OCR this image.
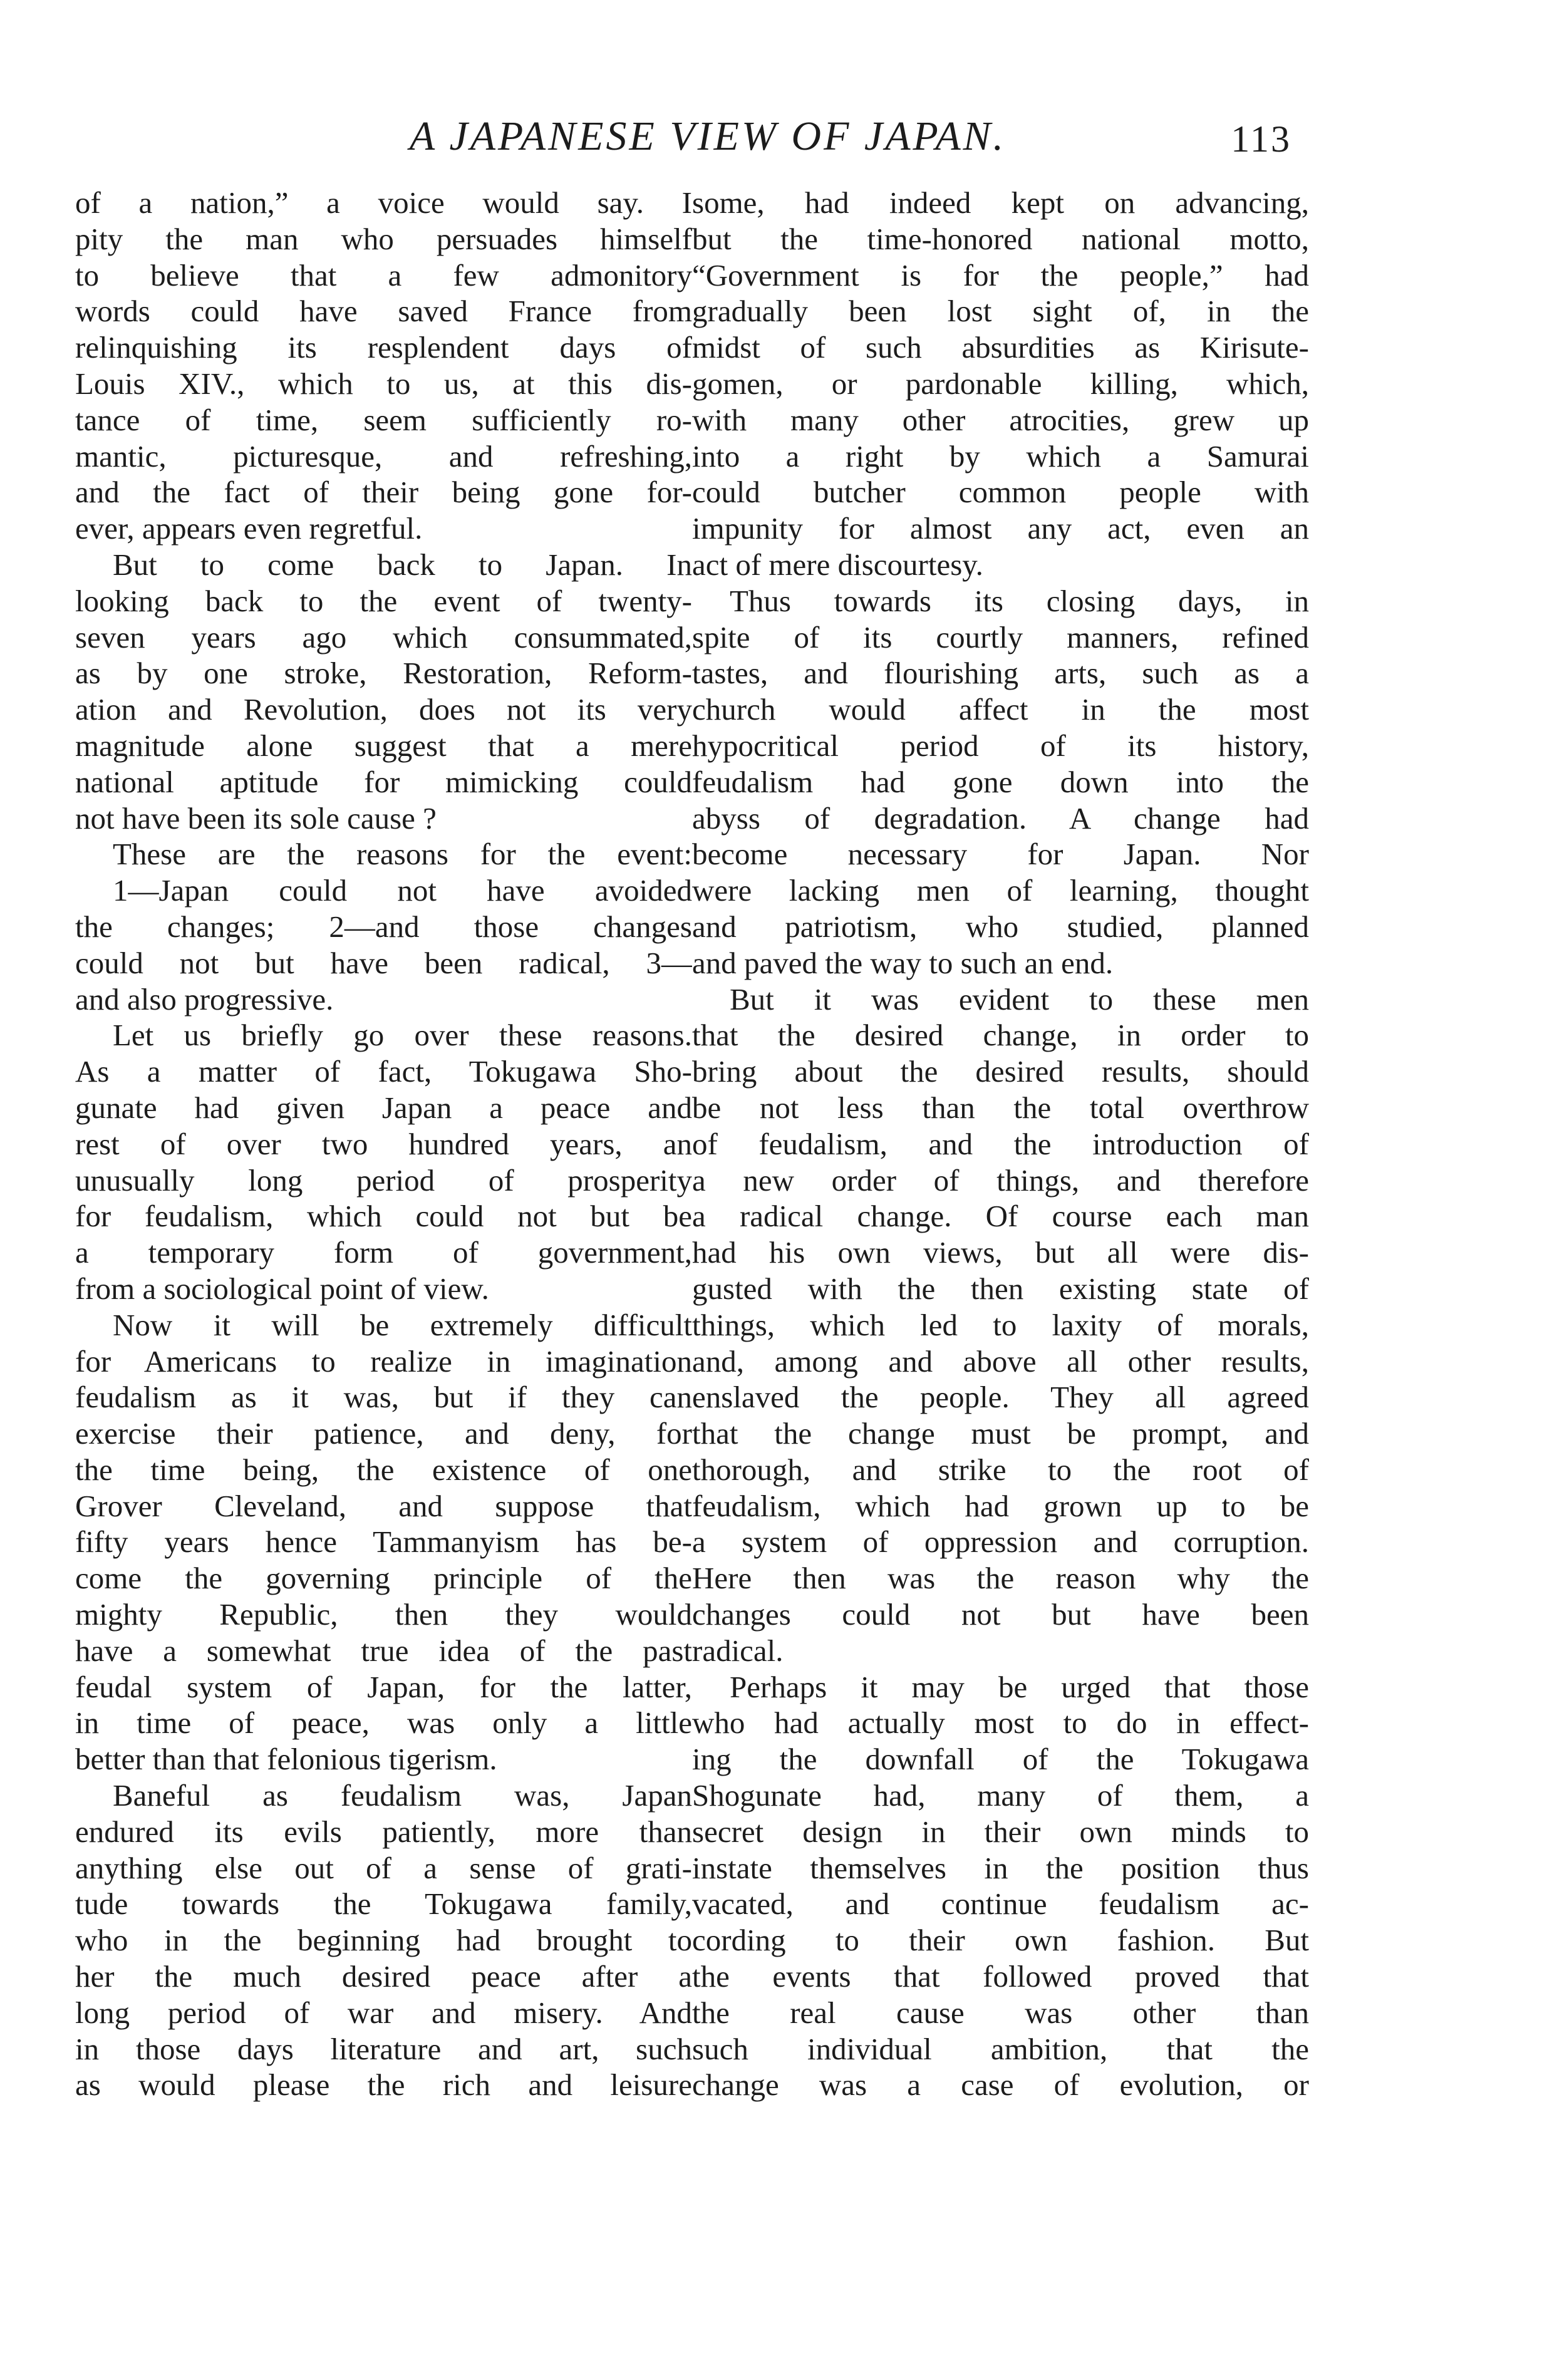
A JAPANESE VIEW OF JAPAN.	113
of a nation,” a voice would say. I
pity the man who persuades himself
to believe that a few admonitory
words could have saved France from
relinquishing its resplendent days of
Louis XIV., which to us, at this dis-
tance of time, seem sufficiently ro-
mantic, picturesque, and refreshing,
and the fact of their being gone for-
ever, appears even regretful.
But to come back to Japan. In
looking back to the event of twenty-
seven years ago which consummated,
as by one stroke, Restoration, Reform-
ation and Revolution, does not its very
magnitude alone suggest that a mere
national aptitude for mimicking could
not have been its sole cause ?
These are the reasons for the event:
1—Japan could not have avoided
the changes; 2—and those changes
could not but have been radical, 3—
and also progressive.
Let us briefly go over these reasons.
As a matter of fact, Tokugawa Sho-
gunate had given Japan a peace and
rest of over two hundred years, an
unusually long period of prosperity
for feudalism, which could not but be
a temporary form of government,
from a sociological point of view.
Now it will be extremely difficult
for Americans to realize in imagination
feudalism as it was, but if they can
exercise their patience, and deny, for
the time being, the existence of one
Grover Cleveland, and suppose that
fifty years hence Tammanyism has be-
come the governing principle of the
mighty Republic, then they would
have a somewhat true idea of the past
feudal system of Japan, for the latter,
in time of peace, was only a little
better than that felonious tigerism.
Baneful as feudalism was, Japan
endured its evils patiently, more than
anything else out of a sense of grati-
tude towards the Tokugawa family,
who in the beginning had brought to
her the much desired peace after a
long period of war and misery. And
in those days literature and art, such
as would please the rich and leisure
some, had indeed kept on advancing,
but the time-honored national motto,
“Government is for the people,” had
gradually been lost sight of, in the
midst of such absurdities as Kirisute-
gomen, or pardonable killing, which,
with many other atrocities, grew up
into a right by which a Samurai
could butcher common people with
impunity for almost any act, even an
act of mere discourtesy.
Thus towards its closing days, in
spite of its courtly manners, refined
tastes, and flourishing arts, such as a
church would affect in the most
hypocritical period of its history,
feudalism had gone down into the
abyss of degradation. A change had
become necessary for Japan. Nor
were lacking men of learning, thought
and patriotism, who studied, planned
and paved the way to such an end.
But it was evident to these men
that the desired change, in order to
bring about the desired results, should
be not less than the total overthrow
of feudalism, and the introduction of
a new order of things, and therefore
a radical change. Of course each man
had his own views, but all were dis-
gusted with the then existing state of
things, which led to laxity of morals,
and, among and above all other results,
enslaved the people. They all agreed
that the change must be prompt, and
thorough, and strike to the root of
feudalism, which had grown up to be
a system of oppression and corruption.
Here then was the reason why the
changes could not but have been
radical.
Perhaps it may be urged that those
who had actually most to do in effect-
ing the downfall of the Tokugawa
Shogunate had, many of them, a
secret design in their own minds to
instate themselves in the position thus
vacated, and continue feudalism ac-
cording to their own fashion. But
the events that followed proved that
the real cause was other than
such individual ambition, that the
change was a case of evolution, or
